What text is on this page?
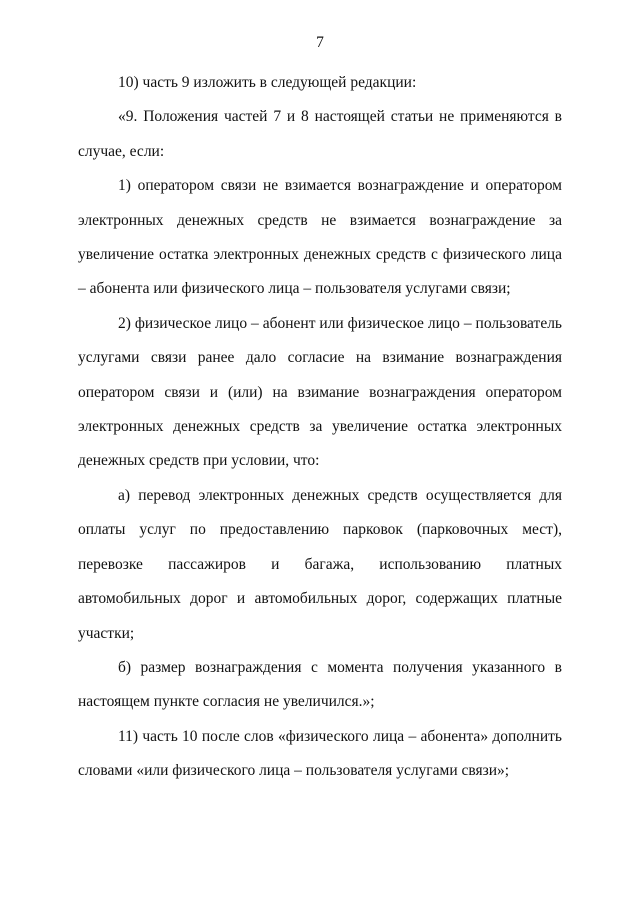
7

10) часть 9 изложить в следующей редакции:

«9. Положения частей 7 и 8 настоящей статьи не применяются в случае, если:

1) оператором связи не взимается вознаграждение и оператором электронных денежных средств не взимается вознаграждение за увеличение остатка электронных денежных средств с физического лица – абонента или физического лица – пользователя услугами связи;

2) физическое лицо – абонент или физическое лицо – пользователь услугами связи ранее дало согласие на взимание вознаграждения оператором связи и (или) на взимание вознаграждения оператором электронных денежных средств за увеличение остатка электронных денежных средств при условии, что:

а) перевод электронных денежных средств осуществляется для оплаты услуг по предоставлению парковок (парковочных мест), перевозке пассажиров и багажа, использованию платных автомобильных дорог и автомобильных дорог, содержащих платные участки;

б) размер вознаграждения с момента получения указанного в настоящем пункте согласия не увеличился.»;

11) часть 10 после слов «физического лица – абонента» дополнить словами «или физического лица – пользователя услугами связи»;
